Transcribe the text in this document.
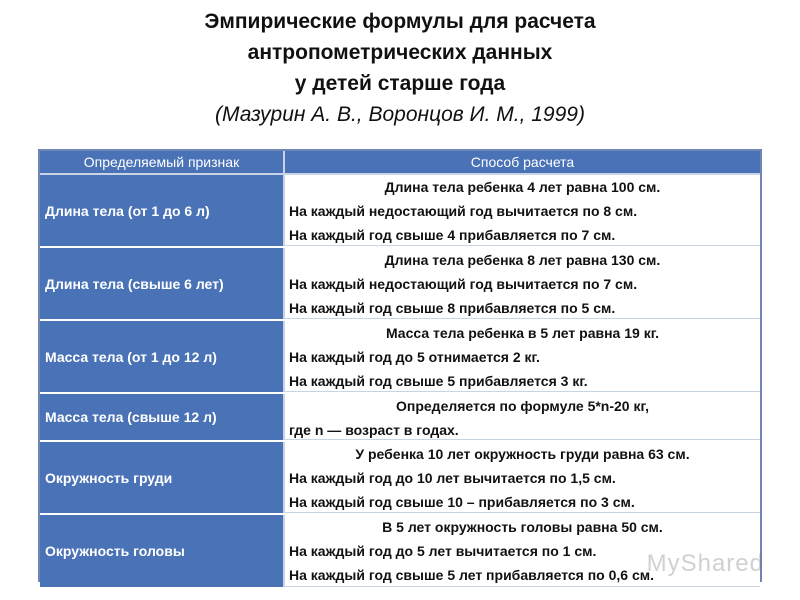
Эмпирические формулы для расчета
антропометрических данных
у детей старше года
(Мазурин А. В., Воронцов И. М., 1999)
Определяемый признак	Способ расчета
Длина тела (от 1 до 6 л)
Длина тела ребенка 4 лет равна 100 см.
На каждый недостающий год вычитается по 8 см.
На каждый год свыше 4 прибавляется по 7 см.
Длина тела (свыше 6 лет)
Длина тела ребенка 8 лет равна 130 см.
На каждый недостающий год вычитается по 7 см.
На каждый год свыше 8 прибавляется по 5 см.
Масса тела (от 1 до 12 л)
Масса тела ребенка в 5 лет равна 19 кг.
На каждый год до 5 отнимается 2 кг.
На каждый год свыше 5 прибавляется 3 кг.
Масса тела (свыше 12 л)
Определяется по формуле 5*n-20 кг,
где n — возраст в годах.
Окружность груди
У ребенка 10 лет окружность груди равна 63 см.
На каждый год до 10 лет вычитается по 1,5 см.
На каждый год свыше 10 – прибавляется по 3 см.
Окружность головы
В 5 лет окружность головы равна 50 см.
На каждый год до 5 лет вычитается по 1 см.
На каждый год свыше 5 лет прибавляется по 0,6 см.
MyShared
